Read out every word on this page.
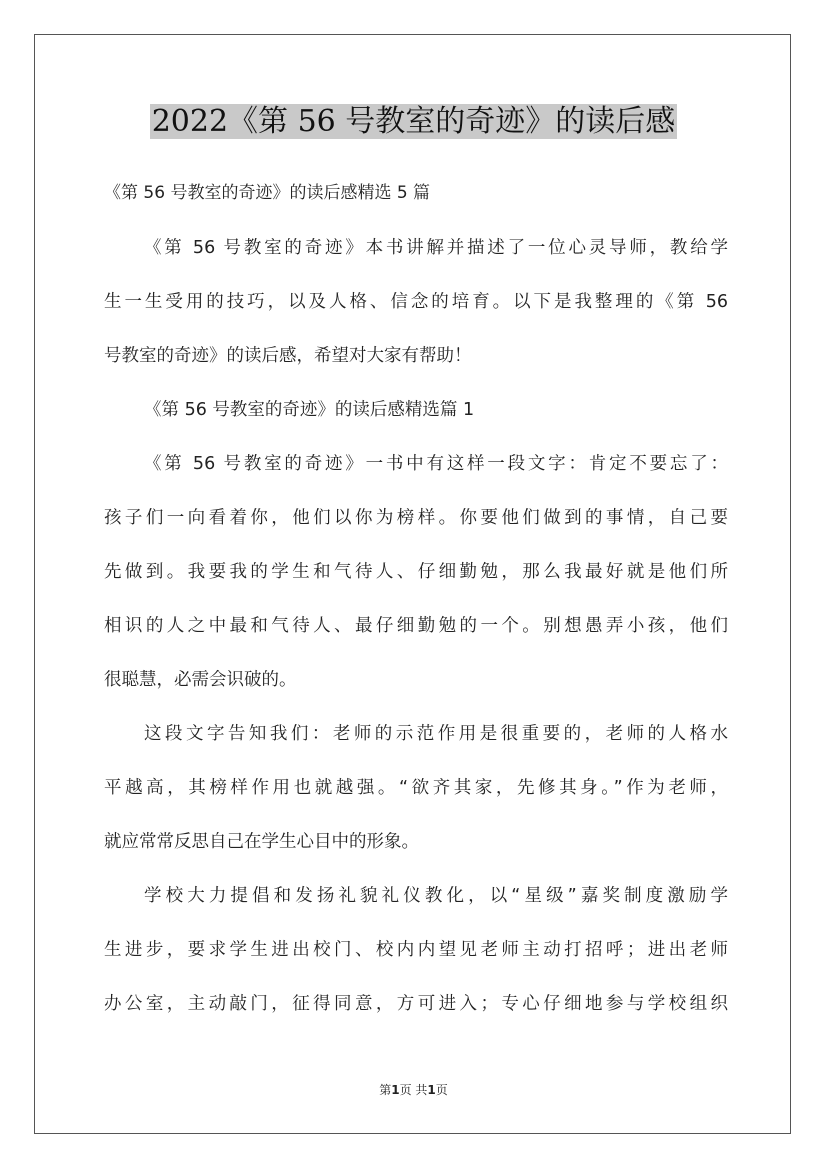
2022《第 56 号教室的奇迹》的读后感
《第 56 号教室的奇迹》的读后感精选 5 篇
《第 56 号教室的奇迹》本书讲解并描述了一位心灵导师，教给学
生一生受用的技巧，以及人格、信念的培育。以下是我整理的《第 56
号教室的奇迹》的读后感，希望对大家有帮助！
《第 56 号教室的奇迹》的读后感精选篇 1
《第 56 号教室的奇迹》一书中有这样一段文字：肯定不要忘了：
孩子们一向看着你，他们以你为榜样。你要他们做到的事情，自己要
先做到。我要我的学生和气待人、仔细勤勉，那么我最好就是他们所
相识的人之中最和气待人、最仔细勤勉的一个。别想愚弄小孩，他们
很聪慧，必需会识破的。
这段文字告知我们：老师的示范作用是很重要的，老师的人格水
平越高，其榜样作用也就越强。“欲齐其家，先修其身。”作为老师，
就应常常反思自己在学生心目中的形象。
学校大力提倡和发扬礼貌礼仪教化，以“星级”嘉奖制度激励学
生进步，要求学生进出校门、校内内望见老师主动打招呼；进出老师
办公室，主动敲门，征得同意，方可进入；专心仔细地参与学校组织
第1页 共1页
